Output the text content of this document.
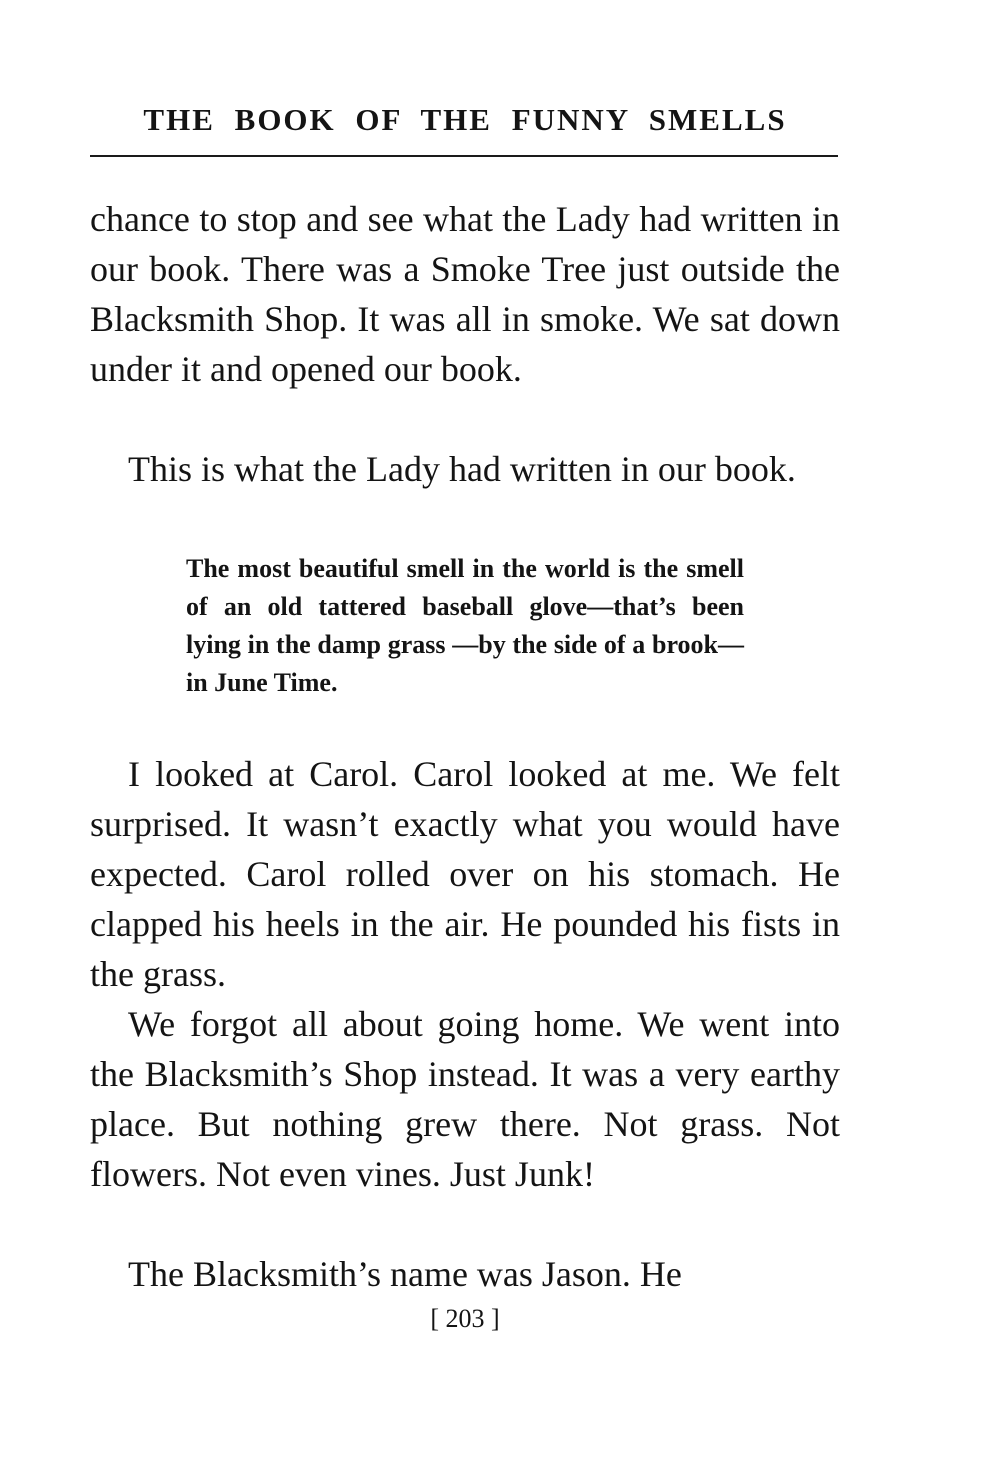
THE BOOK OF THE FUNNY SMELLS

chance to stop and see what the Lady had written in our book. There was a Smoke Tree just outside the Blacksmith Shop. It was all in smoke. We sat down under it and opened our book.

This is what the Lady had written in our book.

The most beautiful smell in the world is the smell of an old tattered baseball glove—that’s been lying in the damp grass —by the side of a brook—in June Time.

I looked at Carol. Carol looked at me. We felt surprised. It wasn’t exactly what you would have expected. Carol rolled over on his stomach. He clapped his heels in the air. He pounded his fists in the grass.

We forgot all about going home. We went into the Blacksmith’s Shop instead. It was a very earthy place. But nothing grew there. Not grass. Not flowers. Not even vines. Just Junk!

The Blacksmith’s name was Jason. He

[ 203 ]
